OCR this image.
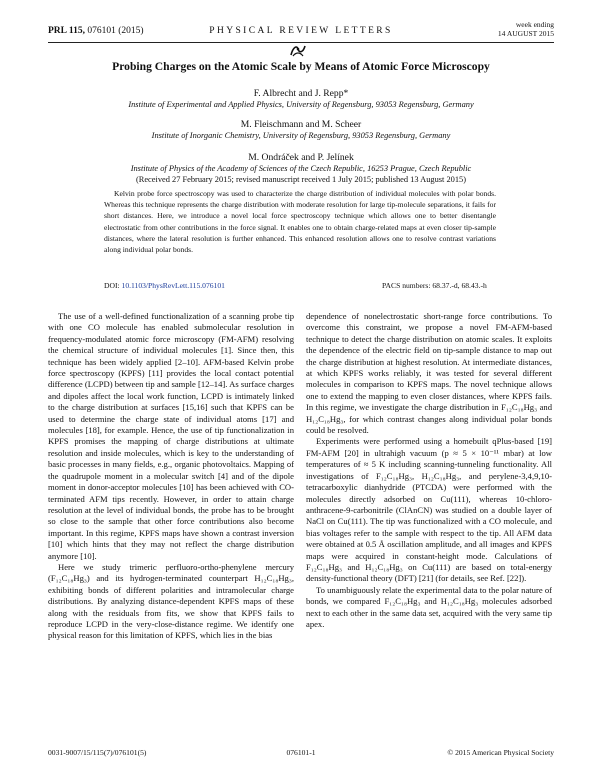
PRL 115, 076101 (2015)	PHYSICAL REVIEW LETTERS
week ending
14 AUGUST 2015
Probing Charges on the Atomic Scale by Means of Atomic Force Microscopy
F. Albrecht and J. Repp*
Institute of Experimental and Applied Physics, University of Regensburg, 93053 Regensburg, Germany
M. Fleischmann and M. Scheer
Institute of Inorganic Chemistry, University of Regensburg, 93053 Regensburg, Germany
M. Ondráček and P. Jelínek
Institute of Physics of the Academy of Sciences of the Czech Republic, 16253 Prague, Czech Republic
(Received 27 February 2015; revised manuscript received 1 July 2015; published 13 August 2015)

Kelvin probe force spectroscopy was used to characterize the charge distribution of individual molecules with polar bonds. Whereas this technique represents the charge distribution with moderate resolution for large tip-molecule separations, it fails for short distances. Here, we introduce a novel local force spectroscopy technique which allows one to better disentangle electrostatic from other contributions in the force signal. It enables one to obtain charge-related maps at even closer tip-sample distances, where the lateral resolution is further enhanced. This enhanced resolution allows one to resolve contrast variations along individual polar bonds.

DOI: 10.1103/PhysRevLett.115.076101	PACS numbers: 68.37.-d, 68.43.-h

The use of a well-defined functionalization of a scanning probe tip with one CO molecule has enabled submolecular resolution in frequency-modulated atomic force microscopy (FM-AFM) resolving the chemical structure of individual molecules [1]. Since then, this technique has been widely applied [2–10]. AFM-based Kelvin probe force spectroscopy (KPFS) [11] provides the local contact potential difference (LCPD) between tip and sample [12–14]. As surface charges and dipoles affect the local work function, LCPD is intimately linked to the charge distribution at surfaces [15,16] such that KPFS can be used to determine the charge state of individual atoms [17] and molecules [18], for example. Hence, the use of tip functionalization in KPFS promises the mapping of charge distributions at ultimate resolution and inside molecules, which is key to the understanding of basic processes in many fields, e.g., organic photovoltaics. Mapping of the quadrupole moment in a molecular switch [4] and of the dipole moment in donor-acceptor molecules [10] has been achieved with CO-terminated AFM tips recently. However, in order to attain charge resolution at the level of individual bonds, the probe has to be brought so close to the sample that other force contributions also become important. In this regime, KPFS maps have shown a contrast inversion [10] which hints that they may not reflect the charge distribution anymore [10].

Here we study trimeric perfluoro-ortho-phenylene mercury (F₁₂C₁₈Hg₃) and its hydrogen-terminated counterpart H₁₂C₁₈Hg₃, exhibiting bonds of different polarities and intramolecular charge distributions. By analyzing distance-dependent KPFS maps of these along with the residuals from fits, we show that KPFS fails to reproduce LCPD in the very-close-distance regime. We identify one physical reason for this limitation of KPFS, which lies in the bias

dependence of nonelectrostatic short-range force contributions. To overcome this constraint, we propose a novel FM-AFM-based technique to detect the charge distribution on atomic scales. It exploits the dependence of the electric field on tip-sample distance to map out the charge distribution at highest resolution. At intermediate distances, at which KPFS works reliably, it was tested for several different molecules in comparison to KPFS maps. The novel technique allows one to extend the mapping to even closer distances, where KPFS fails. In this regime, we investigate the charge distribution in F₁₂C₁₈Hg₃ and H₁₂C₁₈Hg₃, for which contrast changes along individual polar bonds could be resolved.

Experiments were performed using a homebuilt qPlus-based [19] FM-AFM [20] in ultrahigh vacuum (p ≈ 5 × 10⁻¹¹ mbar) at low temperatures of ≈ 5 K including scanning-tunneling functionality. All investigations of F₁₂C₁₈Hg₃, H₁₂C₁₈Hg₃, and perylene-3,4,9,10-tetracarboxylic dianhydride (PTCDA) were performed with the molecules directly adsorbed on Cu(111), whereas 10-chloro-anthracene-9-carbonitrile (ClAnCN) was studied on a double layer of NaCl on Cu(111). The tip was functionalized with a CO molecule, and bias voltages refer to the sample with respect to the tip. All AFM data were obtained at 0.5 Å oscillation amplitude, and all images and KPFS maps were acquired in constant-height mode. Calculations of F₁₂C₁₈Hg₃ and H₁₂C₁₈Hg₃ on Cu(111) are based on total-energy density-functional theory (DFT) [21] (for details, see Ref. [22]).

To unambiguously relate the experimental data to the polar nature of bonds, we compared F₁₂C₁₈Hg₃ and H₁₂C₁₈Hg₃ molecules adsorbed next to each other in the same data set, acquired with the very same tip apex.

0031-9007/15/115(7)/076101(5)	076101-1	© 2015 American Physical Society
